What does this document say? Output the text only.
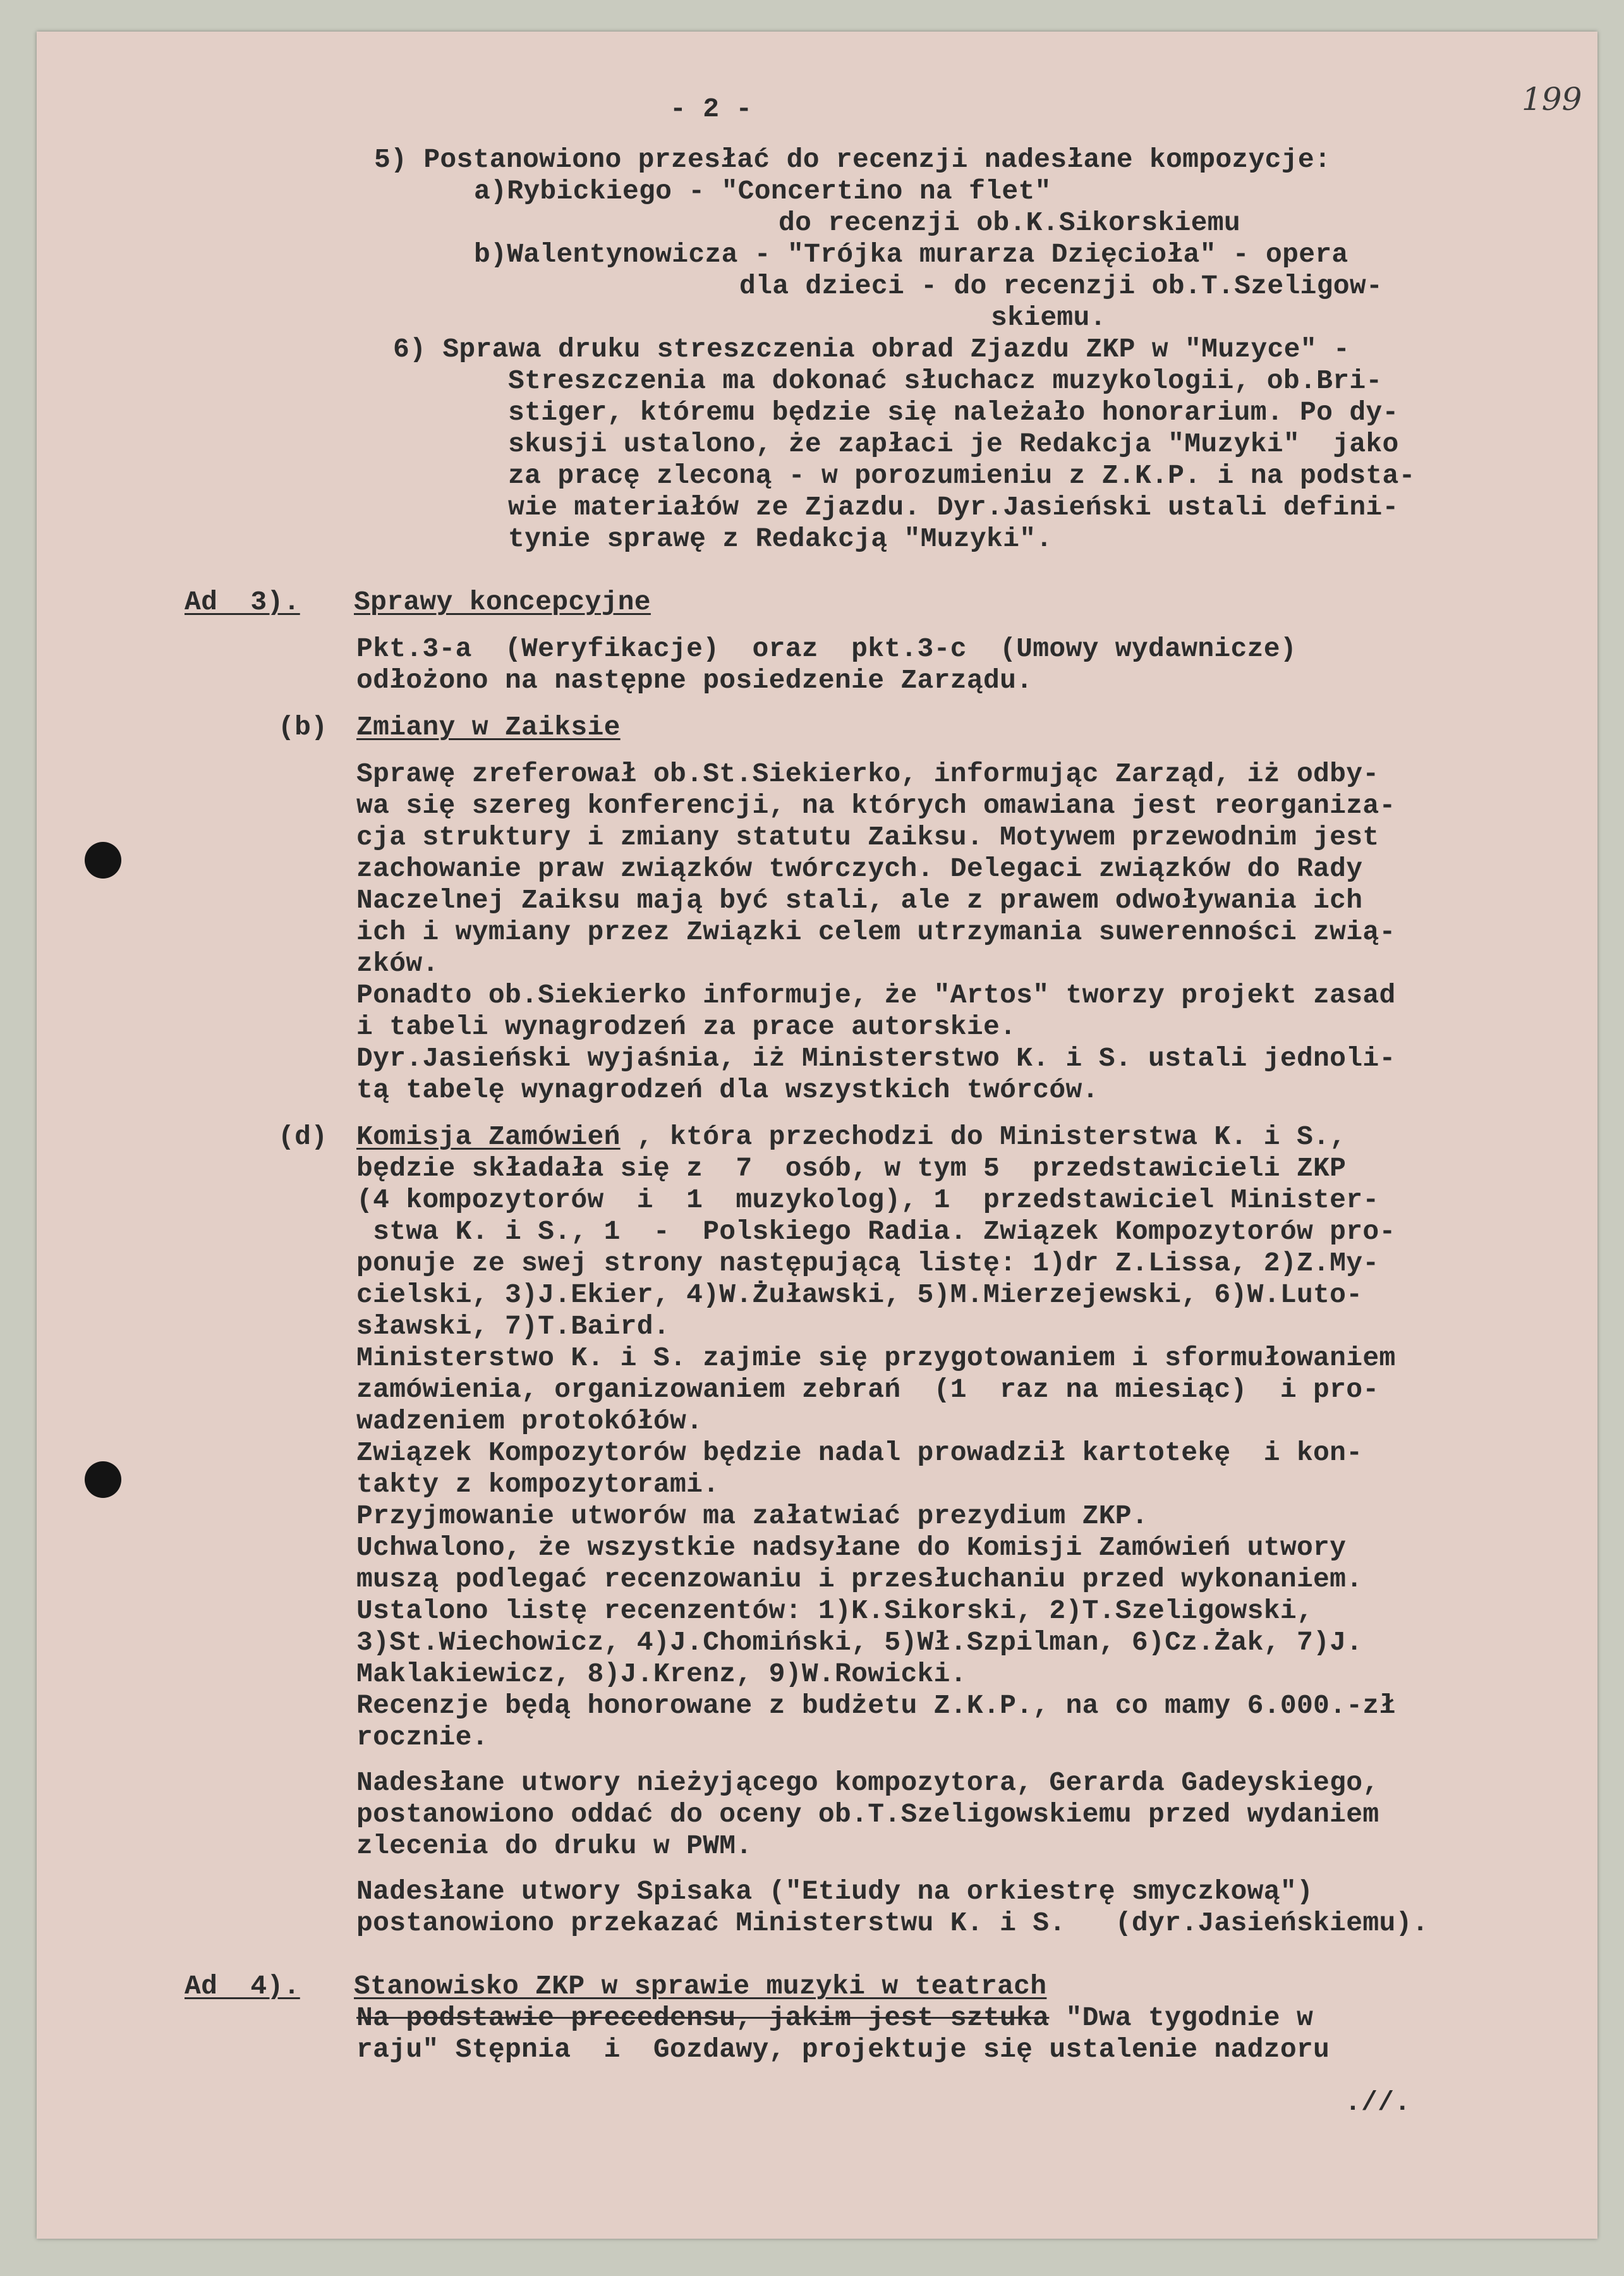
- 2 -	199
5) Postanowiono przesłać do recenzji nadesłane kompozycje:
a)Rybickiego - "Concertino na flet"
do recenzji ob.K.Sikorskiemu
b)Walentynowicza - "Trójka murarza Dzięcioła" - opera
dla dzieci - do recenzji ob.T.Szeligow-
skiemu.
6) Sprawa druku streszczenia obrad Zjazdu ZKP w "Muzyce" -
Streszczenia ma dokonać słuchacz muzykologii, ob.Bri-
stiger, któremu będzie się należało honorarium. Po dy-
skusji ustalono, że zapłaci je Redakcja "Muzyki"  jako
za pracę zleconą - w porozumieniu z Z.K.P. i na podsta-
wie materiałów ze Zjazdu. Dyr.Jasieński ustali defini-
tynie sprawę z Redakcją "Muzyki".
Ad  3). Sprawy koncepcyjne
Pkt.3-a  (Weryfikacje)  oraz  pkt.3-c  (Umowy wydawnicze)
odłożono na następne posiedzenie Zarządu.
(b) Zmiany w Zaiksie
Sprawę zreferował ob.St.Siekierko, informując Zarząd, iż odby-
wa się szereg konferencji, na których omawiana jest reorganiza-
cja struktury i zmiany statutu Zaiksu. Motywem przewodnim jest
zachowanie praw związków twórczych. Delegaci związków do Rady
Naczelnej Zaiksu mają być stali, ale z prawem odwoływania ich
ich i wymiany przez Związki celem utrzymania suwerenności zwią-
zków.
Ponadto ob.Siekierko informuje, że "Artos" tworzy projekt zasad
i tabeli wynagrodzeń za prace autorskie.
Dyr.Jasieński wyjaśnia, iż Ministerstwo K. i S. ustali jednoli-
tą tabelę wynagrodzeń dla wszystkich twórców.
(d) Komisja Zamówień , która przechodzi do Ministerstwa K. i S.,
będzie składała się z  7  osób, w tym 5  przedstawicieli ZKP
(4 kompozytorów  i  1  muzykolog), 1  przedstawiciel Minister-
stwa K. i S., 1  -  Polskiego Radia. Związek Kompozytorów pro-
ponuje ze swej strony następującą listę: 1)dr Z.Lissa, 2)Z.My-
cielski, 3)J.Ekier, 4)W.Żuławski, 5)M.Mierzejewski, 6)W.Luto-
sławski, 7)T.Baird.
Ministerstwo K. i S. zajmie się przygotowaniem i sformułowaniem
zamówienia, organizowaniem zebrań  (1  raz na miesiąc)  i pro-
wadzeniem protokółów.
Związek Kompozytorów będzie nadal prowadził kartotekę  i kon-
takty z kompozytorami.
Przyjmowanie utworów ma załatwiać prezydium ZKP.
Uchwalono, że wszystkie nadsyłane do Komisji Zamówień utwory
muszą podlegać recenzowaniu i przesłuchaniu przed wykonaniem.
Ustalono listę recenzentów: 1)K.Sikorski, 2)T.Szeligowski,
3)St.Wiechowicz, 4)J.Chomiński, 5)Wł.Szpilman, 6)Cz.Żak, 7)J.
Maklakiewicz, 8)J.Krenz, 9)W.Rowicki.
Recenzje będą honorowane z budżetu Z.K.P., na co mamy 6.000.-zł
rocznie.
Nadesłane utwory nieżyjącego kompozytora, Gerarda Gadeyskiego,
postanowiono oddać do oceny ob.T.Szeligowskiemu przed wydaniem
zlecenia do druku w PWM.
Nadesłane utwory Spisaka ("Etiudy na orkiestrę smyczkową")
postanowiono przekazać Ministerstwu K. i S.   (dyr.Jasieńskiemu).
Ad  4). Stanowisko ZKP w sprawie muzyki w teatrach
Na podstawie precedensu, jakim jest sztuka "Dwa tygodnie w
raju" Stępnia  i  Gozdawy, projektuje się ustalenie nadzoru
.//.
